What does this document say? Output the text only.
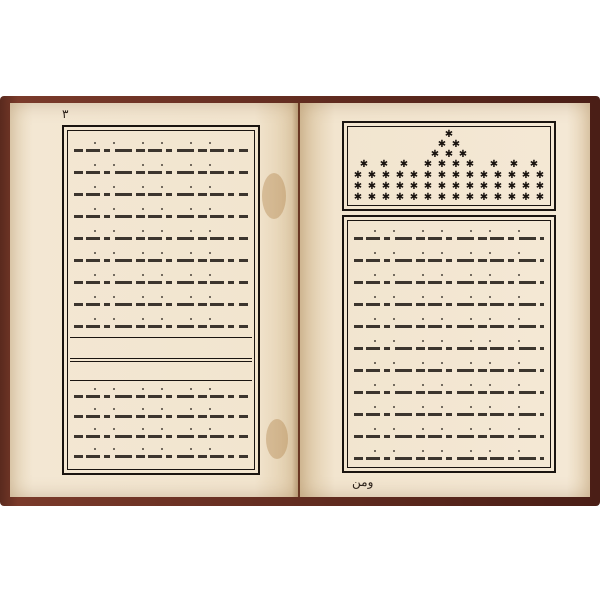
٣
✱
✱ ✱
✱ ✱ ✱
✱ ✱ ✱ ✱ ✱ ✱ ✱ ✱ ✱ ✱
✱ ✱ ✱ ✱ ✱ ✱ ✱ ✱ ✱ ✱ ✱ ✱ ✱ ✱
✱ ✱ ✱ ✱ ✱ ✱ ✱ ✱ ✱ ✱ ✱ ✱ ✱ ✱
✱ ✱ ✱ ✱ ✱ ✱ ✱ ✱ ✱ ✱ ✱ ✱ ✱ ✱
ومن
